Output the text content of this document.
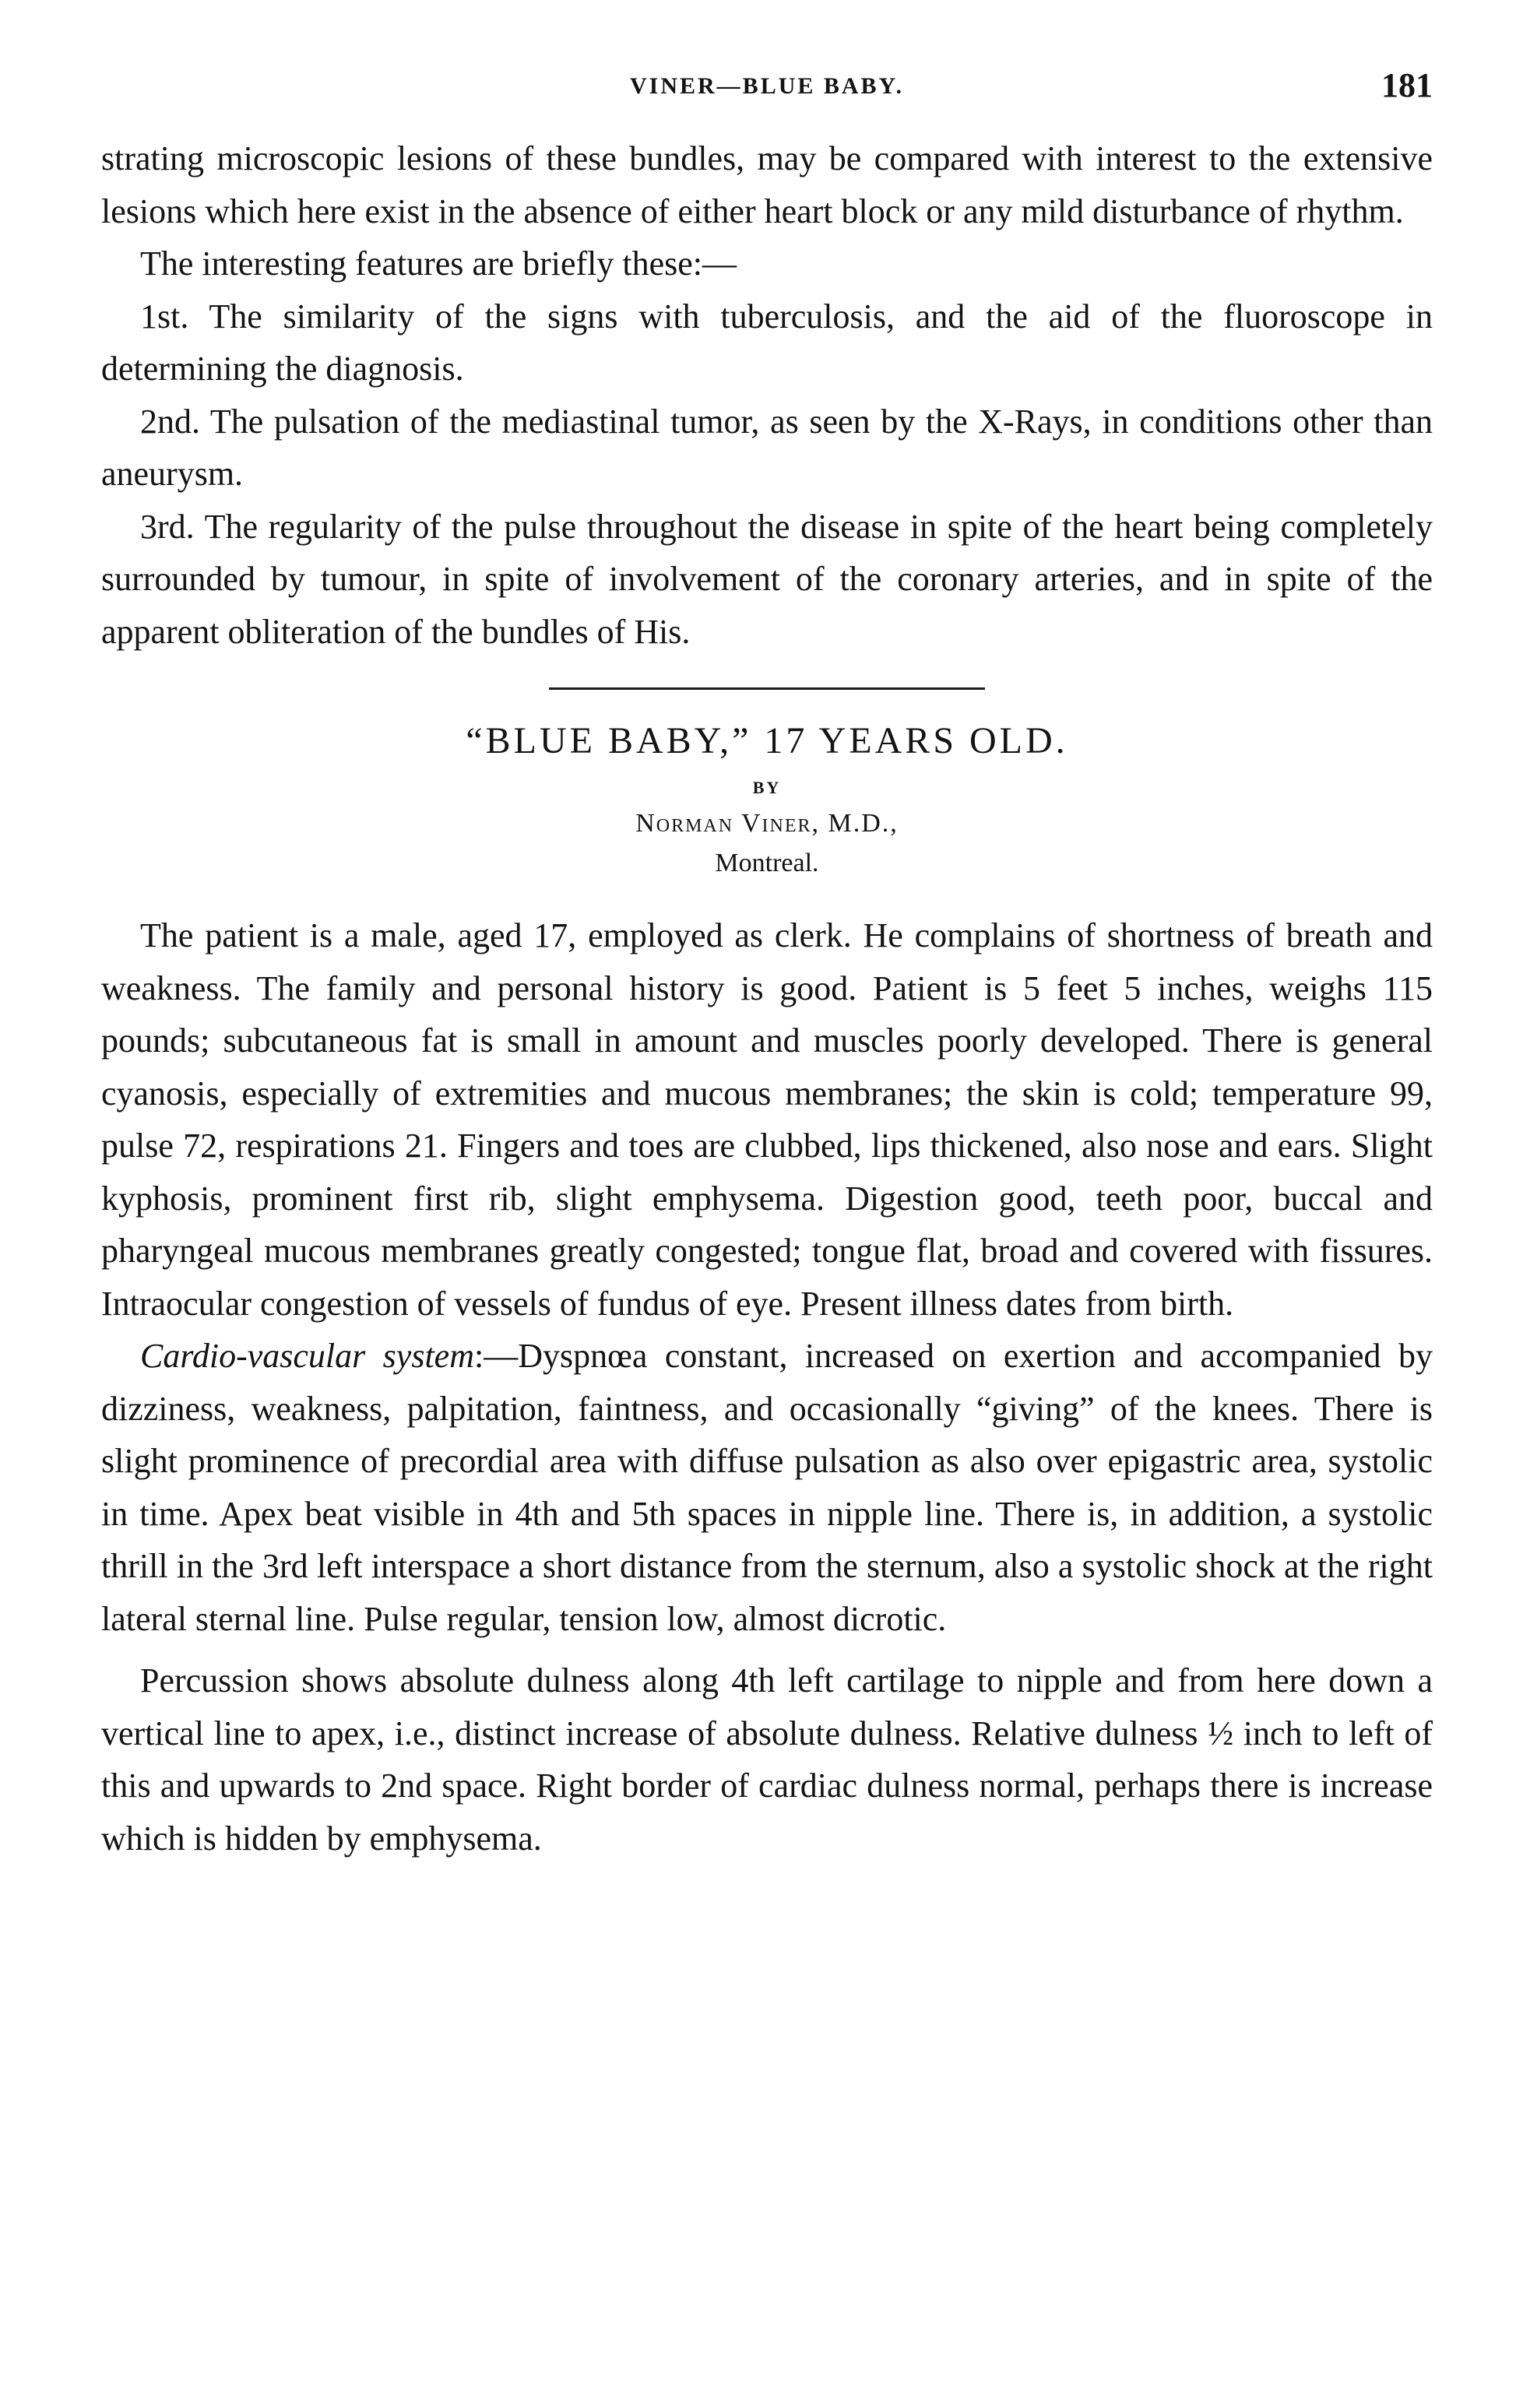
VINER—BLUE BABY.	181

strating microscopic lesions of these bundles, may be compared with interest to the extensive lesions which here exist in the absence of either heart block or any mild disturbance of rhythm.

The interesting features are briefly these:—

1st. The similarity of the signs with tuberculosis, and the aid of the fluoroscope in determining the diagnosis.

2nd. The pulsation of the mediastinal tumor, as seen by the X-Rays, in conditions other than aneurysm.

3rd. The regularity of the pulse throughout the disease in spite of the heart being completely surrounded by tumour, in spite of involvement of the coronary arteries, and in spite of the apparent obliteration of the bundles of His.

“BLUE BABY,” 17 YEARS OLD.
BY
Norman Viner, M.D.,
Montreal.

The patient is a male, aged 17, employed as clerk. He complains of shortness of breath and weakness. The family and personal history is good. Patient is 5 feet 5 inches, weighs 115 pounds; subcutaneous fat is small in amount and muscles poorly developed. There is general cyanosis, especially of extremities and mucous membranes; the skin is cold; temperature 99, pulse 72, respirations 21. Fingers and toes are clubbed, lips thickened, also nose and ears. Slight kyphosis, prominent first rib, slight emphysema. Digestion good, teeth poor, buccal and pharyngeal mucous membranes greatly congested; tongue flat, broad and covered with fissures. Intraocular congestion of vessels of fundus of eye. Present illness dates from birth.

Cardio-vascular system:—Dyspnœa constant, increased on exertion and accompanied by dizziness, weakness, palpitation, faintness, and occasionally “giving” of the knees. There is slight prominence of precordial area with diffuse pulsation as also over epigastric area, systolic in time. Apex beat visible in 4th and 5th spaces in nipple line. There is, in addition, a systolic thrill in the 3rd left interspace a short distance from the sternum, also a systolic shock at the right lateral sternal line. Pulse regular, tension low, almost dicrotic.

Percussion shows absolute dulness along 4th left cartilage to nipple and from here down a vertical line to apex, i.e., distinct increase of absolute dulness. Relative dulness ½ inch to left of this and upwards to 2nd space. Right border of cardiac dulness normal, perhaps there is increase which is hidden by emphysema.
